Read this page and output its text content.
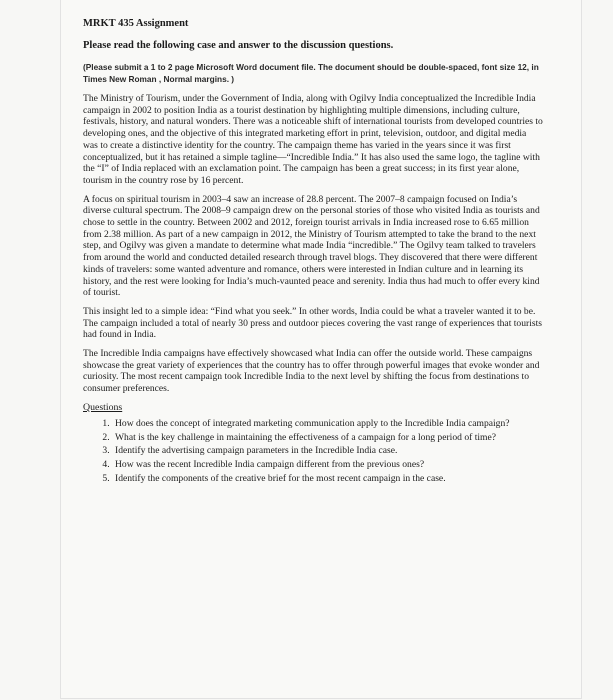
MRKT 435 Assignment

Please read the following case and answer to the discussion questions.

(Please submit a 1 to 2 page Microsoft Word document file. The document should be double-spaced, font size 12, in Times New Roman , Normal margins. )

The Ministry of Tourism, under the Government of India, along with Ogilvy India conceptualized the Incredible India campaign in 2002 to position India as a tourist destination by highlighting multiple dimensions, including culture, festivals, history, and natural wonders. There was a noticeable shift of international tourists from developed countries to developing ones, and the objective of this integrated marketing effort in print, television, outdoor, and digital media was to create a distinctive identity for the country. The campaign theme has varied in the years since it was first conceptualized, but it has retained a simple tagline—“Incredible India.” It has also used the same logo, the tagline with the “I” of India replaced with an exclamation point. The campaign has been a great success; in its first year alone, tourism in the country rose by 16 percent.

A focus on spiritual tourism in 2003–4 saw an increase of 28.8 percent. The 2007–8 campaign focused on India’s diverse cultural spectrum. The 2008–9 campaign drew on the personal stories of those who visited India as tourists and chose to settle in the country. Between 2002 and 2012, foreign tourist arrivals in India increased rose to 6.65 million from 2.38 million. As part of a new campaign in 2012, the Ministry of Tourism attempted to take the brand to the next step, and Ogilvy was given a mandate to determine what made India “incredible.” The Ogilvy team talked to travelers from around the world and conducted detailed research through travel blogs. They discovered that there were different kinds of travelers: some wanted adventure and romance, others were interested in Indian culture and in learning its history, and the rest were looking for India’s much-vaunted peace and serenity. India thus had much to offer every kind of tourist.

This insight led to a simple idea: “Find what you seek.” In other words, India could be what a traveler wanted it to be. The campaign included a total of nearly 30 press and outdoor pieces covering the vast range of experiences that tourists had found in India.

The Incredible India campaigns have effectively showcased what India can offer the outside world. These campaigns showcase the great variety of experiences that the country has to offer through powerful images that evoke wonder and curiosity. The most recent campaign took Incredible India to the next level by shifting the focus from destinations to consumer preferences.

Questions

1. How does the concept of integrated marketing communication apply to the Incredible India campaign?
2. What is the key challenge in maintaining the effectiveness of a campaign for a long period of time?
3. Identify the advertising campaign parameters in the Incredible India case.
4. How was the recent Incredible India campaign different from the previous ones?
5. Identify the components of the creative brief for the most recent campaign in the case.
